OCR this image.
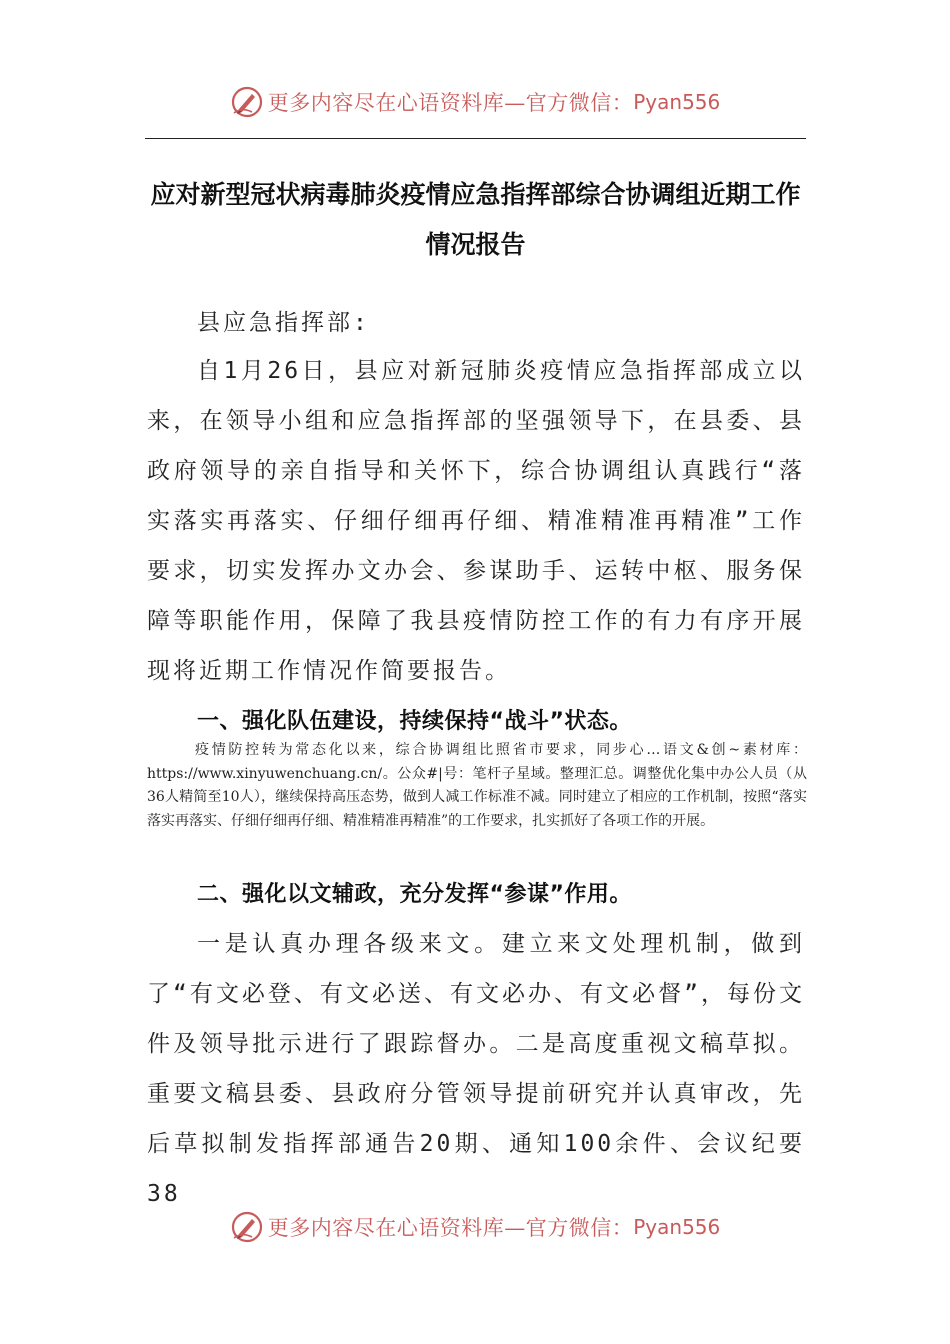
更多内容尽在心语资料库—官方微信： Pyan556
应对新型冠状病毒肺炎疫情应急指挥部综合协调组近期工作情况报告

县应急指挥部:

自1月26日，县应对新冠肺炎疫情应急指挥部成立以来，在领导小组和应急指挥部的坚强领导下，在县委、县政府领导的亲自指导和关怀下，综合协调组认真践行“落实落实再落实、仔细仔细再仔细、精准精准再精准”工作要求，切实发挥办文办会、参谋助手、运转中枢、服务保障等职能作用，保障了我县疫情防控工作的有力有序开展现将近期工作情况作简要报告。

一、强化队伍建设，持续保持“战斗”状态。

疫情防控转为常态化以来，综合协调组比照省市要求，同步心…语文&创~素材库：https://www.xinyuwenchuang.cn/。公众#|号：笔杆子星域。整理汇总。调整优化集中办公人员（从36人精简至10人），继续保持高压态势，做到人减工作标准不减。同时建立了相应的工作机制，按照“落实落实再落实、仔细仔细再仔细、精准精准再精准”的工作要求，扎实抓好了各项工作的开展。

二、强化以文辅政，充分发挥“参谋”作用。

一是认真办理各级来文。建立来文处理机制，做到了“有文必登、有文必送、有文必办、有文必督”，每份文件及领导批示进行了跟踪督办。二是高度重视文稿草拟。重要文稿县委、县政府分管领导提前研究并认真审改，先后草拟制发指挥部通告20期、通知100余件、会议纪要38

更多内容尽在心语资料库—官方微信： Pyan556
